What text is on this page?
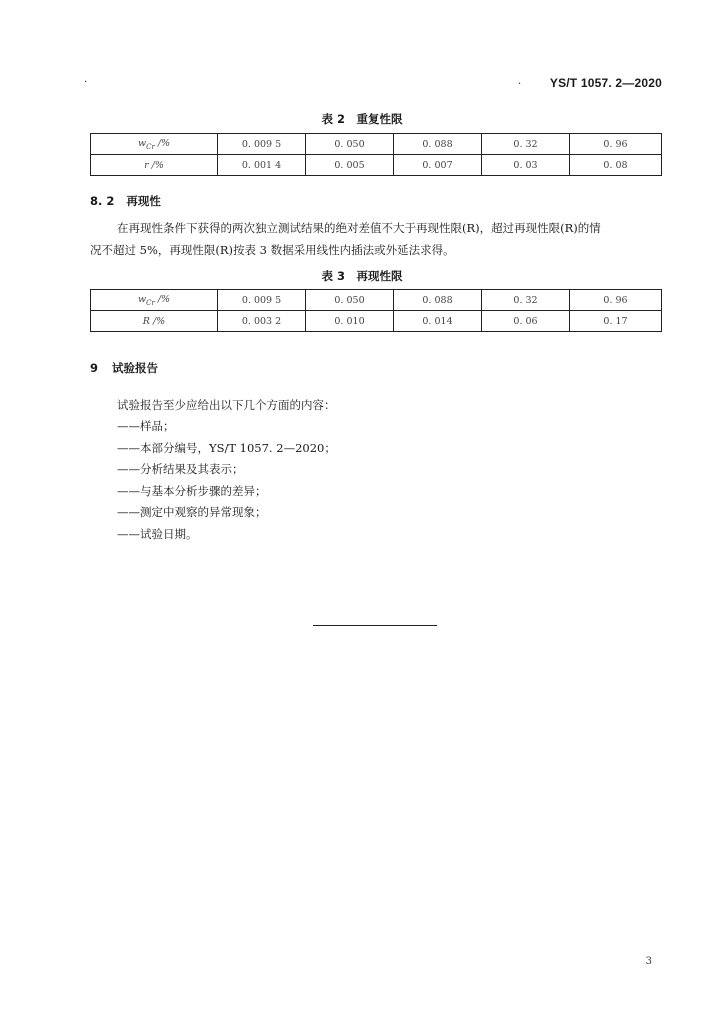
·	· YS/T 1057. 2—2020
表 2　重复性限
$w_{Cr}$ /%	0. 009 5	0. 050	0. 088	0. 32	0. 96
r /%	0. 001 4	0. 005	0. 007	0. 03	0. 08
8. 2 再现性
在再现性条件下获得的两次独立测试结果的绝对差值不大于再现性限(R)，超过再现性限(R)的情
况不超过 5%，再现性限(R)按表 3 数据采用线性内插法或外延法求得。
表 3　再现性限
$w_{Cr}$ /%	0. 009 5	0. 050	0. 088	0. 32	0. 96
R /%	0. 003 2	0. 010	0. 014	0. 06	0. 17
9 试验报告
试验报告至少应给出以下几个方面的内容：
——样品；
——本部分编号，YS/T 1057. 2—2020；
——分析结果及其表示；
——与基本分析步骤的差异；
——测定中观察的异常现象；
——试验日期。
3
